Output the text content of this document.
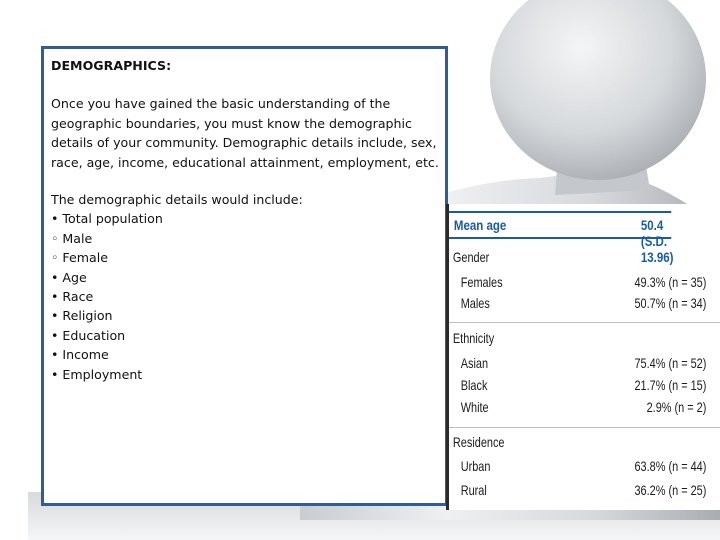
DEMOGRAPHICS:

Once you have gained the basic understanding of the geographic boundaries, you must know the demographic details of your community. Demographic details include, sex, race, age, income, educational attainment, employment, etc.

The demographic details would include:

• Total population
◦ Male
◦ Female
• Age
• Race
• Religion
• Education
• Income
• Employment
Mean age	50.4 (S.D. 13.96)
Gender
Females	49.3% (n = 35)
Males	50.7% (n = 34)
Ethnicity
Asian	75.4% (n = 52)
Black	21.7% (n = 15)
White	2.9% (n = 2)
Residence
Urban	63.8% (n = 44)
Rural	36.2% (n = 25)
